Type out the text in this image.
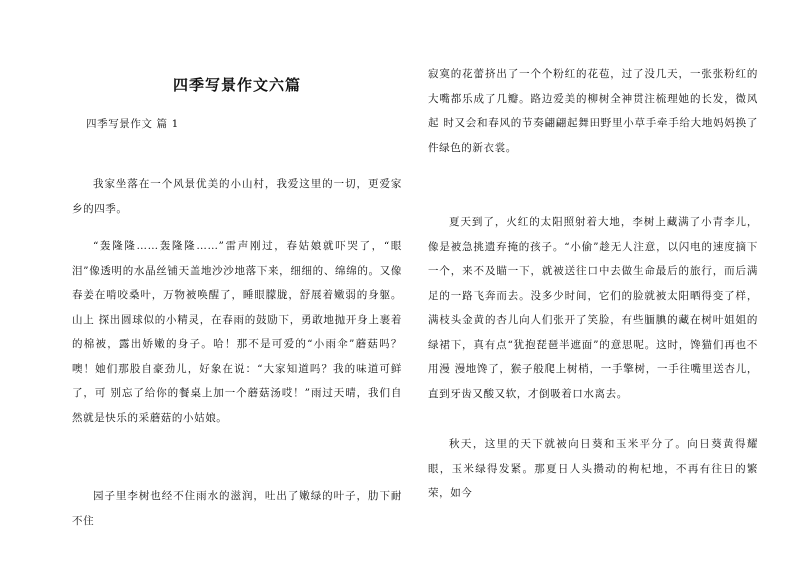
四季写景作文六篇
四季写景作文 篇 1

我家坐落在一个风景优美的小山村，我爱这里的一切，更爱家乡的四季。

“轰隆隆……轰隆隆……”雷声刚过，春姑娘就吓哭了，“眼泪”像透明的水晶丝铺天盖地沙沙地落下来，细细的、绵绵的。又像春姜在啃咬桑叶，万物被唤醒了，睡眼朦胧，舒展着嫩弱的身躯。山上 探出圆球似的小精灵，在春雨的鼓励下，勇敢地抛开身上裹着的棉被，露出娇嫩的身子。哈！那不是可爱的“小雨伞”蘑菇吗？噢！她们那股自豪劲儿，好象在说：“大家知道吗？我的味道可鲜了，可 别忘了给你的餐桌上加一个蘑菇汤哎！”雨过天晴，我们自然就是快乐的采蘑菇的小姑娘。

园子里李树也经不住雨水的滋润，吐出了嫩绿的叶子，肋下耐不住

寂寞的花蕾挤出了一个个粉红的花苞，过了没几天，一张张粉红的大嘴都乐成了几瓣。路边爱美的柳树全神贯注梳理她的长发，微风起 时又会和春风的节奏翩翩起舞田野里小草手牵手给大地妈妈换了件绿色的新衣裳。

夏天到了，火红的太阳照射着大地，李树上藏满了小青李儿，像是被急挑遗弃掩的孩子。“小偷”趁无人注意，以闪电的速度摘下一个，来不及瞄一下，就被送往口中去做生命最后的旅行，而后满足的一路飞奔而去。没多少时间，它们的脸就被太阳晒得变了样，满枝头金黄的杏儿向人们张开了笑脸，有些腼腆的藏在树叶姐姐的绿裙下，真有点“犹抱琵琶半遮面”的意思呢。这时，馋猫们再也不用漫 漫地馋了，猴子般爬上树梢，一手擎树，一手往嘴里送杏儿，直到牙齿又酸又软，才倒吸着口水离去。

秋天，这里的天下就被向日葵和玉米平分了。向日葵黄得耀眼，玉米绿得发紧。那夏日人头攒动的枸杞地，不再有往日的繁荣，如今
